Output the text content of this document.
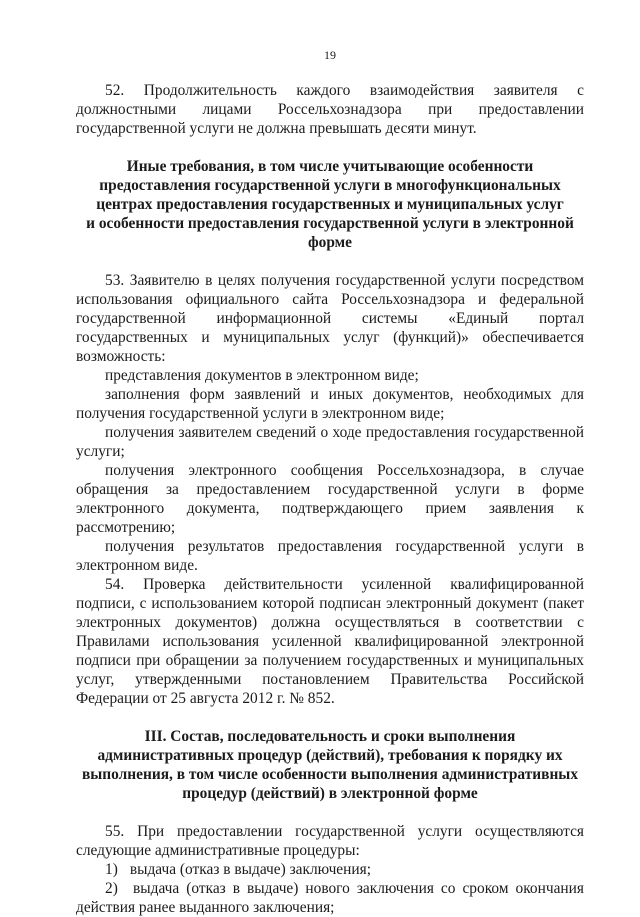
19

52. Продолжительность каждого взаимодействия заявителя с должностными лицами Россельхознадзора при предоставлении государственной услуги не должна превышать десяти минут.

Иные требования, в том числе учитывающие особенности
предоставления государственной услуги в многофункциональных
центрах предоставления государственных и муниципальных услуг
и особенности предоставления государственной услуги в электронной
форме

53. Заявителю в целях получения государственной услуги посредством использования официального сайта Россельхознадзора и федеральной государственной информационной системы «Единый портал государственных и муниципальных услуг (функций)» обеспечивается возможность:

представления документов в электронном виде;

заполнения форм заявлений и иных документов, необходимых для получения государственной услуги в электронном виде;

получения заявителем сведений о ходе предоставления государственной услуги;

получения электронного сообщения Россельхознадзора, в случае обращения за предоставлением государственной услуги в форме электронного документа, подтверждающего прием заявления к рассмотрению;

получения результатов предоставления государственной услуги в электронном виде.

54. Проверка действительности усиленной квалифицированной подписи, с использованием которой подписан электронный документ (пакет электронных документов) должна осуществляться в соответствии с Правилами использования усиленной квалифицированной электронной подписи при обращении за получением государственных и муниципальных услуг, утвержденными постановлением Правительства Российской Федерации от 25 августа 2012 г. № 852.

III. Состав, последовательность и сроки выполнения
административных процедур (действий), требования к порядку их
выполнения, в том числе особенности выполнения административных
процедур (действий) в электронной форме

55. При предоставлении государственной услуги осуществляются следующие административные процедуры:

1) выдача (отказ в выдаче) заключения;

2) выдача (отказ в выдаче) нового заключения со сроком окончания действия ранее выданного заключения;
